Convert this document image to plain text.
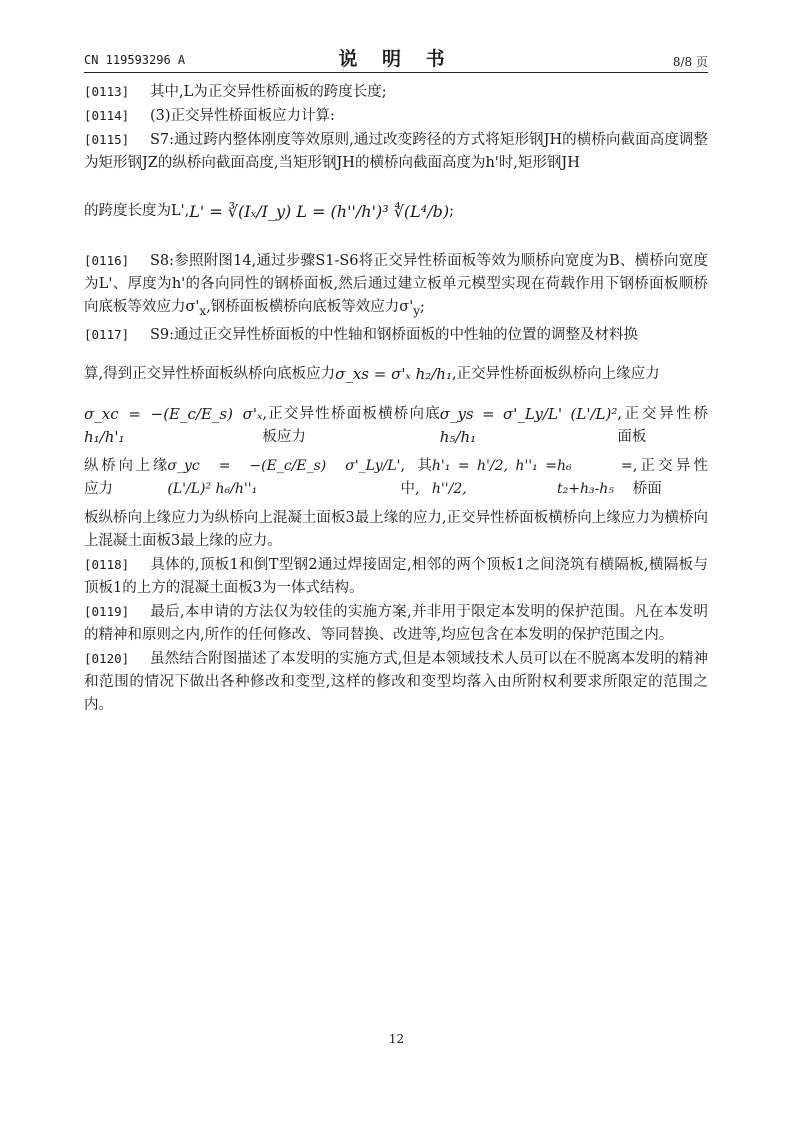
CN 119593296 A	说 明 书	8/8 页
[0113] 其中,L为正交异性桥面板的跨度长度;
[0114] (3)正交异性桥面板应力计算:
[0115] S7:通过跨内整体刚度等效原则,通过改变跨径的方式将矩形钢JH的横桥向截面高度调整为矩形钢JZ的纵桥向截面高度,当矩形钢JH的横桥向截面高度为h'时,矩形钢JH
的跨度长度为L', L' = ∛(Iₓ/I_y) L = (h''/h')³ ∜(L⁴/b) ;
[0116] S8:参照附图14,通过步骤S1-S6将正交异性桥面板等效为顺桥向宽度为B、横桥向宽度为L'、厚度为h'的各向同性的钢桥面板,然后通过建立板单元模型实现在荷载作用下钢桥面板顺桥向底板等效应力$\sigma'_x$,钢桥面板横桥向底板等效应力$\sigma'_y$;
[0117] S9:通过正交异性桥面板的中性轴和钢桥面板的中性轴的位置的调整及材料换
算,得到正交异性桥面板纵桥向底板应力 σ_xs = σ'ₓ h₂/h₁ ,正交异性桥面板纵桥向上缘应力
σ_xc = −(E_c/E_s) σ'ₓ h₁/h'₁
,正交异性桥面板横桥向底板应力
σ_ys = σ'_Ly/L' (L'/L)² h₅/h₁
,正交异性桥面板
纵桥向上缘应力
σ_yc = −(E_c/E_s) σ'_Ly/L' (L'/L)² h₆/h''₁
,其中,
h'₁ = h'/2, h''₁ = h''/2,
h₆ = t₂+h₃-h₅
,正交异性桥面
板纵桥向上缘应力为纵桥向上混凝土面板3最上缘的应力,正交异性桥面板横桥向上缘应力为横桥向上混凝土面板3最上缘的应力。
[0118] 具体的,顶板1和倒T型钢2通过焊接固定,相邻的两个顶板1之间浇筑有横隔板,横隔板与顶板1的上方的混凝土面板3为一体式结构。
[0119] 最后,本申请的方法仅为较佳的实施方案,并非用于限定本发明的保护范围。凡在本发明的精神和原则之内,所作的任何修改、等同替换、改进等,均应包含在本发明的保护范围之内。
[0120] 虽然结合附图描述了本发明的实施方式,但是本领域技术人员可以在不脱离本发明的精神和范围的情况下做出各种修改和变型,这样的修改和变型均落入由所附权利要求所限定的范围之内。
12
